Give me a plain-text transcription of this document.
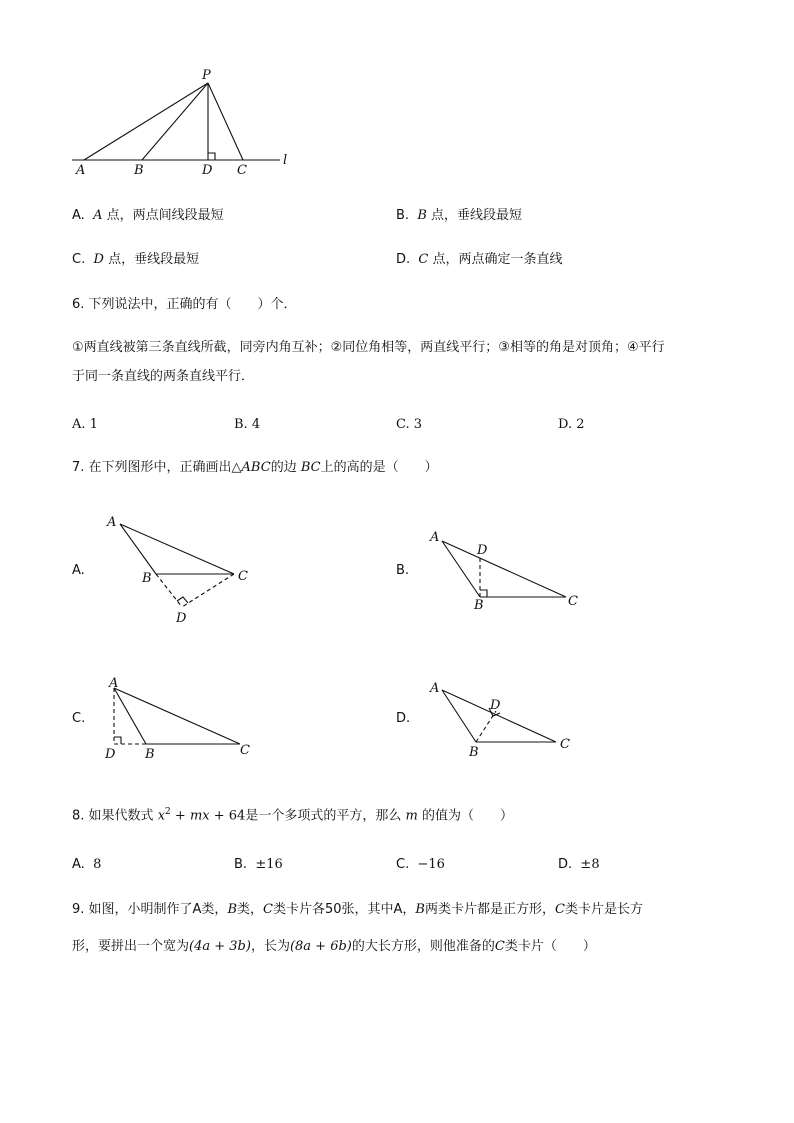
P
A	B	D C
l
A. A 点，两点间线段最短	B. B 点，垂线段最短
C. D 点，垂线段最短	D. C 点，两点确定一条直线
6. 下列说法中，正确的有（　　）个．
①两直线被第三条直线所截，同旁内角互补；②同位角相等，两直线平行；③相等的角是对顶角；④平行
于同一条直线的两条直线平行．
A. 1	B. 4	C. 3	D. 2
7. 在下列图形中，正确画出△ABC的边 BC上的高的是（　　）
A.	B.
C.	D.
A
B	C
D
A
D
B	C
A
D B	C
A
D
B
C
8. 如果代数式 $x^2$ + mx + 64是一个多项式的平方，那么 m 的值为（　　）
A. 8	B. ±16	C. −16	D. ±8
9. 如图，小明制作了A类，B类，C类卡片各50张，其中A，B两类卡片都是正方形，C类卡片是长方
形，要拼出一个宽为(4a + 3b)，长为(8a + 6b)的大长方形，则他准备的C类卡片（　　）
